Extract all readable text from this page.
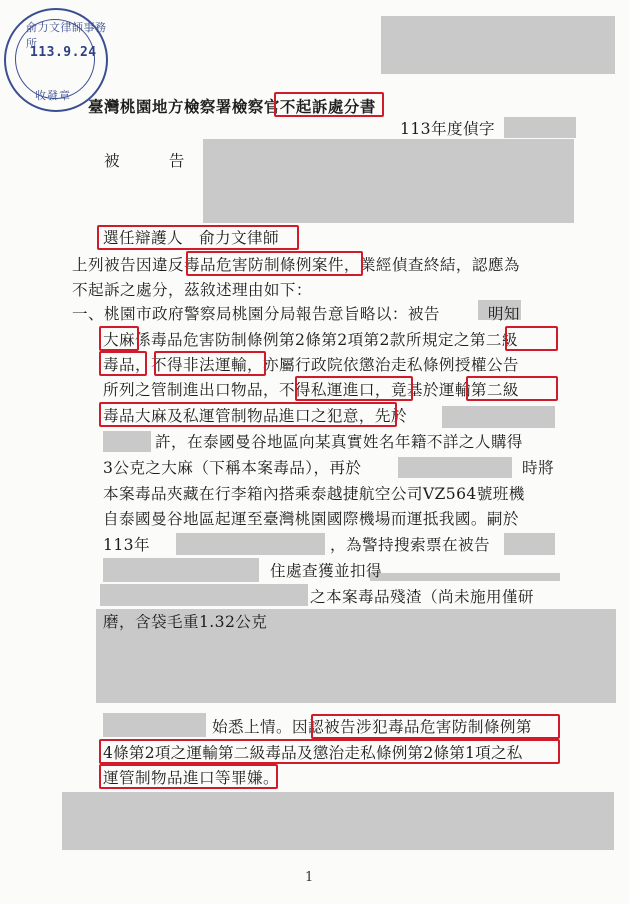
俞力文律師事務所
113.9.24
收發章
臺灣桃園地方檢察署檢察官不起訴處分書
113年度偵字
被　　告
選任辯護人　俞力文律師
上列被告因違反毒品危害防制條例案件，業經偵查終結，認應為
不起訴之處分，茲敘述理由如下：
一、桃園市政府警察局桃園分局報告意旨略以：被告	明知
大麻係毒品危害防制條例第2條第2項第2款所規定之第二級
毒品，不得非法運輸，亦屬行政院依懲治走私條例授權公告
所列之管制進出口物品，不得私運進口，竟基於運輸第二級
毒品大麻及私運管制物品進口之犯意，先於
許，在泰國曼谷地區向某真實姓名年籍不詳之人購得
3公克之大麻（下稱本案毒品），再於	時將
本案毒品夾藏在行李箱內搭乘泰越捷航空公司VZ564號班機
自泰國曼谷地區起運至臺灣桃園國際機場而運抵我國。嗣於
113年	，為警持搜索票在被告
住處查獲並扣得
之本案毒品殘渣（尚未施用僅研
磨，含袋毛重1.32公克
始悉上情。因認被告涉犯毒品危害防制條例第
4條第2項之運輸第二級毒品及懲治走私條例第2條第1項之私
運管制物品進口等罪嫌。
1
